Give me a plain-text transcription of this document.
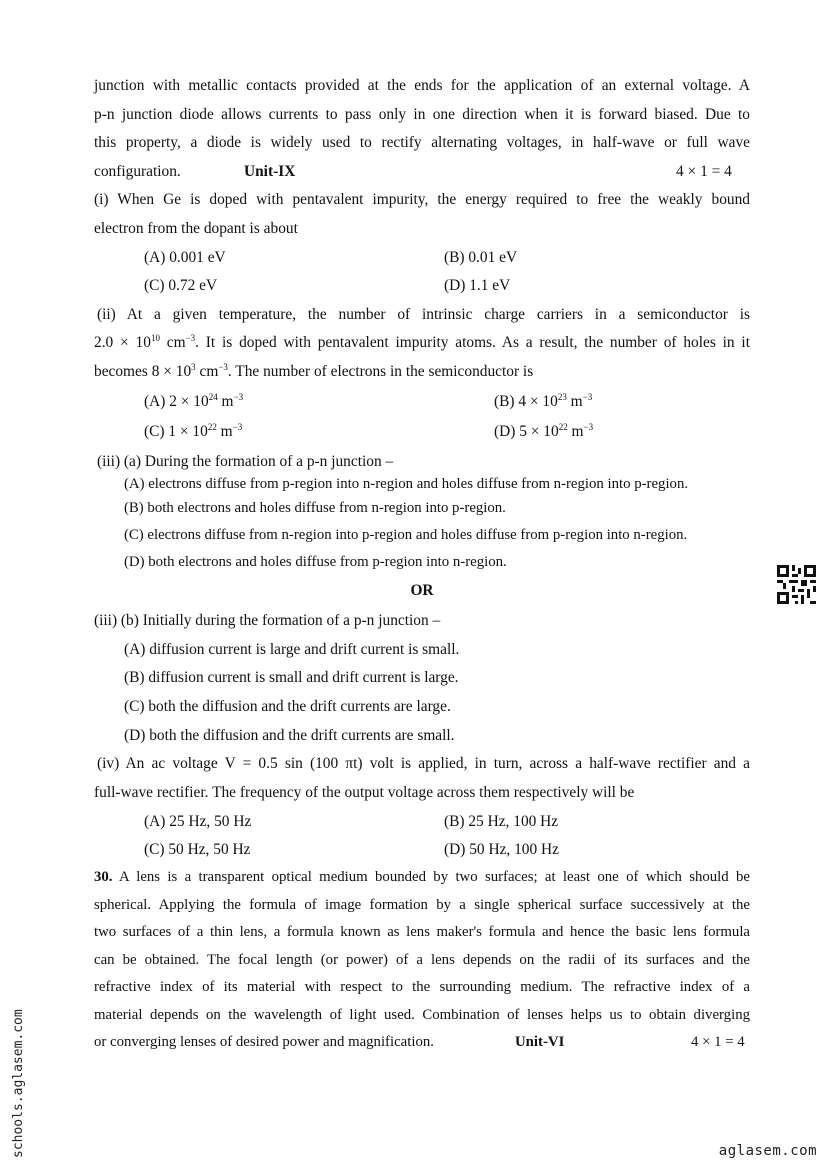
junction with metallic contacts provided at the ends for the application of an external voltage. A
p-n junction diode allows currents to pass only in one direction when it is forward biased. Due to
this property, a diode is widely used to rectify alternating voltages, in half-wave or full wave
configuration.	Unit-IX	4 × 1 = 4
(i) When Ge is doped with pentavalent impurity, the energy required to free the weakly bound
electron from the dopant is about
(A) 0.001 eV	(B) 0.01 eV
(C) 0.72 eV	(D) 1.1 eV
(ii) At a given temperature, the number of intrinsic charge carriers in a semiconductor is
$2.0 \times 10^{10}$ $cm^{-3}$. It is doped with pentavalent impurity atoms. As a result, the number of holes in it
becomes $8 \times 10^3$ $cm^{-3}$. The number of electrons in the semiconductor is
(A) $2 \times 10^{24}$ $m^{-3}$	(B) $4 \times 10^{23}$ $m^{-3}$
(C) $1 \times 10^{22}$ $m^{-3}$	(D) $5 \times 10^{22}$ $m^{-3}$
(iii) (a) During the formation of a p-n junction –
(A) electrons diffuse from p-region into n-region and holes diffuse from n-region into p-region.
(B) both electrons and holes diffuse from n-region into p-region.
(C) electrons diffuse from n-region into p-region and holes diffuse from p-region into n-region.
(D) both electrons and holes diffuse from p-region into n-region.
OR
(iii) (b) Initially during the formation of a p-n junction –
(A) diffusion current is large and drift current is small.
(B) diffusion current is small and drift current is large.
(C) both the diffusion and the drift currents are large.
(D) both the diffusion and the drift currents are small.
(iv) An ac voltage V = 0.5 sin (100 πt) volt is applied, in turn, across a half-wave rectifier and a
full-wave rectifier. The frequency of the output voltage across them respectively will be
(A) 25 Hz, 50 Hz	(B) 25 Hz, 100 Hz
(C) 50 Hz, 50 Hz	(D) 50 Hz, 100 Hz
30. A lens is a transparent optical medium bounded by two surfaces; at least one of which should be
spherical. Applying the formula of image formation by a single spherical surface successively at the
two surfaces of a thin lens, a formula known as lens maker's formula and hence the basic lens formula
can be obtained. The focal length (or power) of a lens depends on the radii of its surfaces and the
refractive index of its material with respect to the surrounding medium. The refractive index of a
material depends on the wavelength of light used. Combination of lenses helps us to obtain diverging
or converging lenses of desired power and magnification.	Unit-VI	4 × 1 = 4
schools.aglasem.com	aglasem.com
